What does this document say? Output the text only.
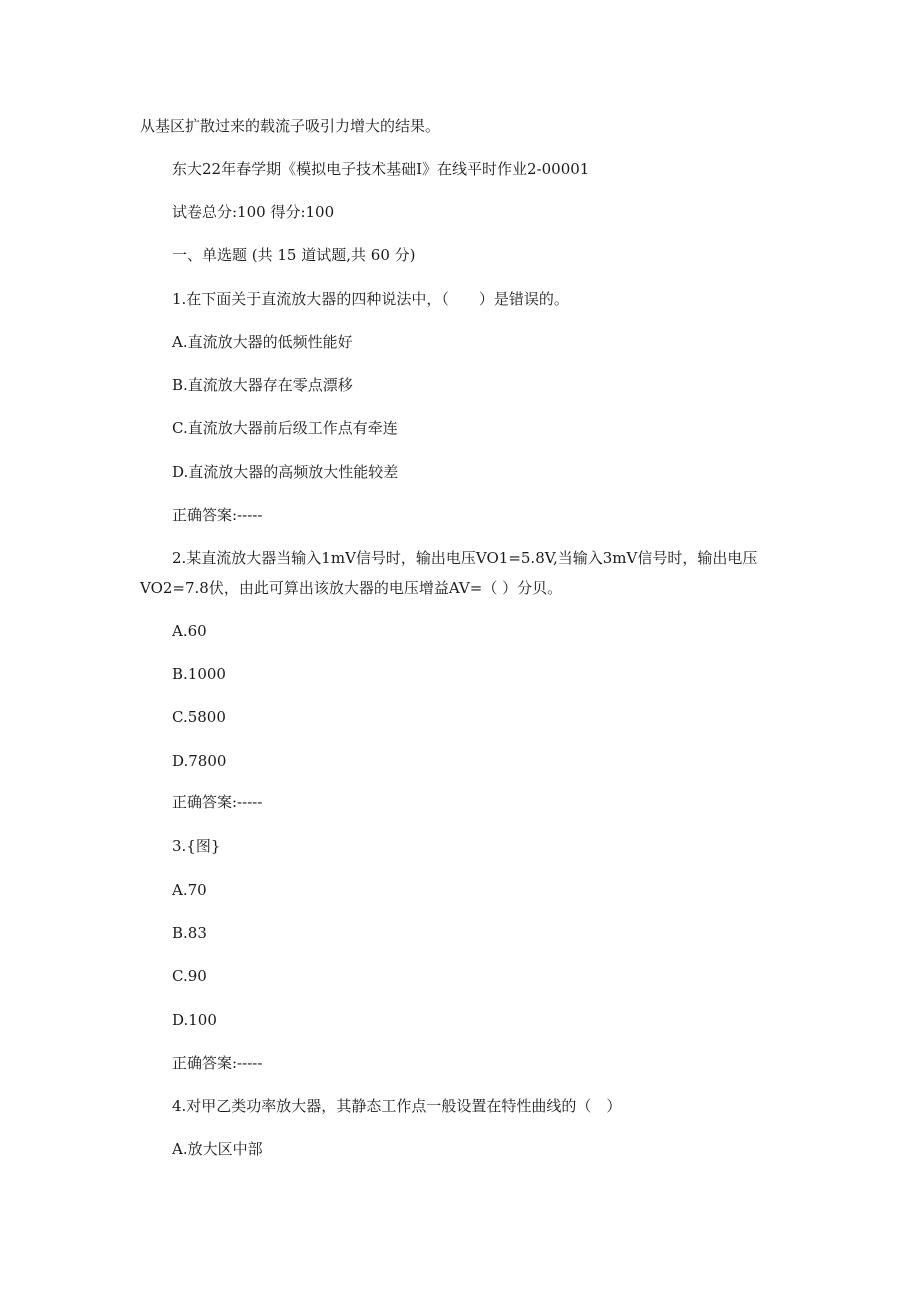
从基区扩散过来的载流子吸引力增大的结果。
东大22年春学期《模拟电子技术基础Ⅰ》在线平时作业2-00001
试卷总分:100 得分:100
一、单选题 (共 15 道试题,共 60 分)
1.在下面关于直流放大器的四种说法中，（　　）是错误的。
A.直流放大器的低频性能好
B.直流放大器存在零点漂移
C.直流放大器前后级工作点有牵连
D.直流放大器的高频放大性能较差
正确答案:-----
2.某直流放大器当输入1mV信号时，输出电压VO1=5.8V,当输入3mV信号时，输出电压VO2=7.8伏，由此可算出该放大器的电压增益AV=（ ）分贝。
A.60
B.1000
C.5800
D.7800
正确答案:-----
3.{图}
A.70
B.83
C.90
D.100
正确答案:-----
4.对甲乙类功率放大器，其静态工作点一般设置在特性曲线的（　）
A.放大区中部
